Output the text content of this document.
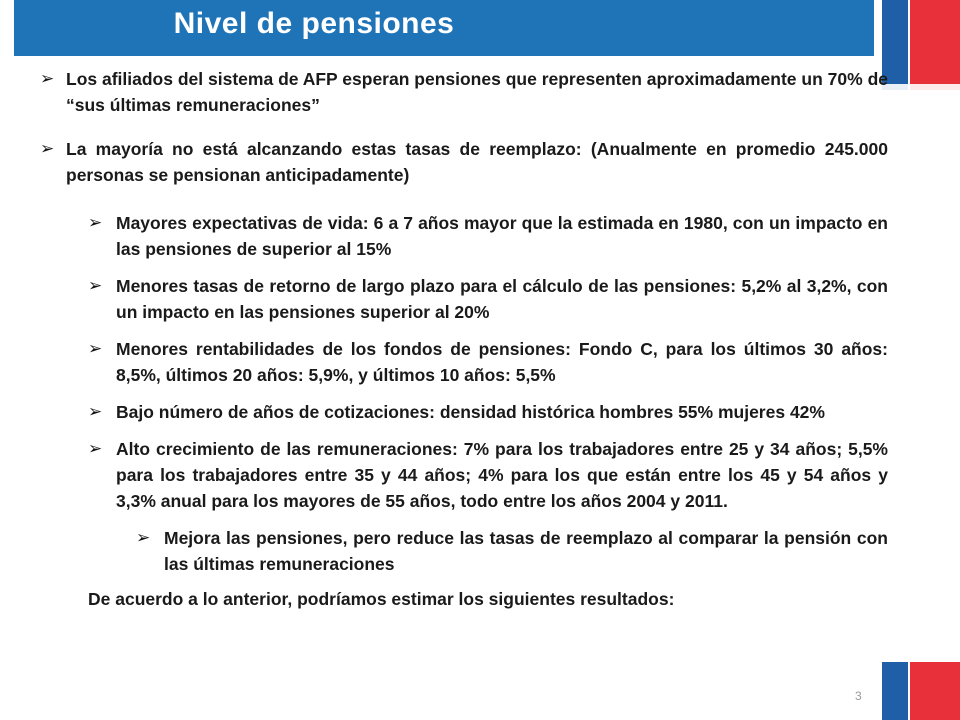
Nivel de pensiones
➢ Los afiliados del sistema de AFP esperan pensiones que representen aproximadamente un 70% de “sus últimas remuneraciones”
➢ La mayoría no está alcanzando estas tasas de reemplazo: (Anualmente en promedio 245.000 personas se pensionan anticipadamente)
➢ Mayores expectativas de vida: 6 a 7 años mayor que la estimada en 1980, con un impacto en las pensiones de superior al 15%
➢ Menores tasas de retorno de largo plazo para el cálculo de las pensiones: 5,2% al 3,2%, con un impacto en las pensiones superior al 20%
➢ Menores rentabilidades de los fondos de pensiones: Fondo C, para los últimos 30 años: 8,5%, últimos 20 años: 5,9%, y últimos 10 años: 5,5%
➢ Bajo número de años de cotizaciones: densidad histórica hombres 55% mujeres 42%
➢ Alto crecimiento de las remuneraciones: 7% para los trabajadores entre 25 y 34 años; 5,5% para los trabajadores entre 35 y 44 años; 4% para los que están entre los 45 y 54 años y 3,3% anual para los mayores de 55 años, todo entre los años 2004 y 2011.
➢ Mejora las pensiones, pero reduce las tasas de reemplazo al comparar la pensión con las últimas remuneraciones
De acuerdo a lo anterior, podríamos estimar los siguientes resultados:
3
